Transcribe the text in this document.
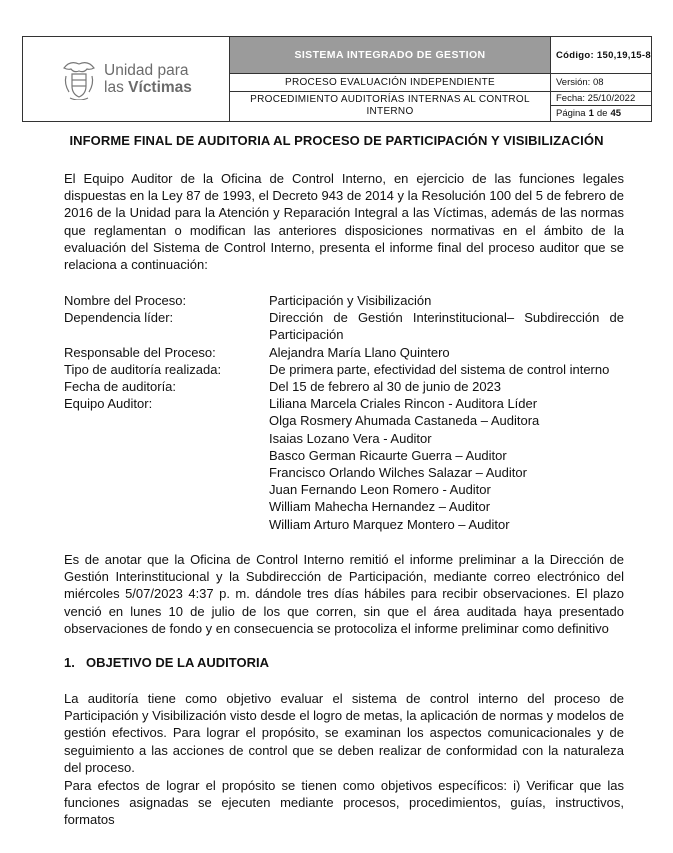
Unidad para
las Víctimas
SISTEMA INTEGRADO DE GESTION
PROCESO EVALUACIÓN INDEPENDIENTE
PROCEDIMIENTO AUDITORÍAS INTERNAS AL CONTROL INTERNO
Código: 150,19,15-8
Versión: 08
Fecha: 25/10/2022
Página 1 de 45
INFORME FINAL DE AUDITORIA AL PROCESO DE PARTICIPACIÓN Y VISIBILIZACIÓN
El Equipo Auditor de la Oficina de Control Interno, en ejercicio de las funciones legales dispuestas en la Ley 87 de 1993, el Decreto 943 de 2014 y la Resolución 100 del 5 de febrero de 2016 de la Unidad para la Atención y Reparación Integral a las Víctimas, además de las normas que reglamentan o modifican las anteriores disposiciones normativas en el ámbito de la evaluación del Sistema de Control Interno, presenta el informe final del proceso auditor que se relaciona a continuación:
Nombre del Proceso:	Participación y Visibilización
Dependencia líder:	Dirección de Gestión Interinstitucional– Subdirección de Participación
Responsable del Proceso:	Alejandra María Llano Quintero
Tipo de auditoría realizada:	De primera parte, efectividad del sistema de control interno
Fecha de auditoría:	Del 15 de febrero al 30 de junio de 2023
Equipo Auditor:	Liliana Marcela Criales Rincon - Auditora Líder
Olga Rosmery Ahumada Castaneda – Auditora
Isaias Lozano Vera - Auditor
Basco German Ricaurte Guerra – Auditor
Francisco Orlando Wilches Salazar – Auditor
Juan Fernando Leon Romero - Auditor
William Mahecha Hernandez – Auditor
William Arturo Marquez Montero – Auditor
Es de anotar que la Oficina de Control Interno remitió el informe preliminar a la Dirección de Gestión Interinstitucional y la Subdirección de Participación, mediante correo electrónico del miércoles 5/07/2023 4:37 p. m. dándole tres días hábiles para recibir observaciones. El plazo venció en lunes 10 de julio de los que corren, sin que el área auditada haya presentado observaciones de fondo y en consecuencia se protocoliza el informe preliminar como definitivo
1. OBJETIVO DE LA AUDITORIA
La auditoría tiene como objetivo evaluar el sistema de control interno del proceso de Participación y Visibilización visto desde el logro de metas, la aplicación de normas y modelos de gestión efectivos. Para lograr el propósito, se examinan los aspectos comunicacionales y de seguimiento a las acciones de control que se deben realizar de conformidad con la naturaleza del proceso.
Para efectos de lograr el propósito se tienen como objetivos específicos: i) Verificar que las funciones asignadas se ejecuten mediante procesos, procedimientos, guías, instructivos, formatos
